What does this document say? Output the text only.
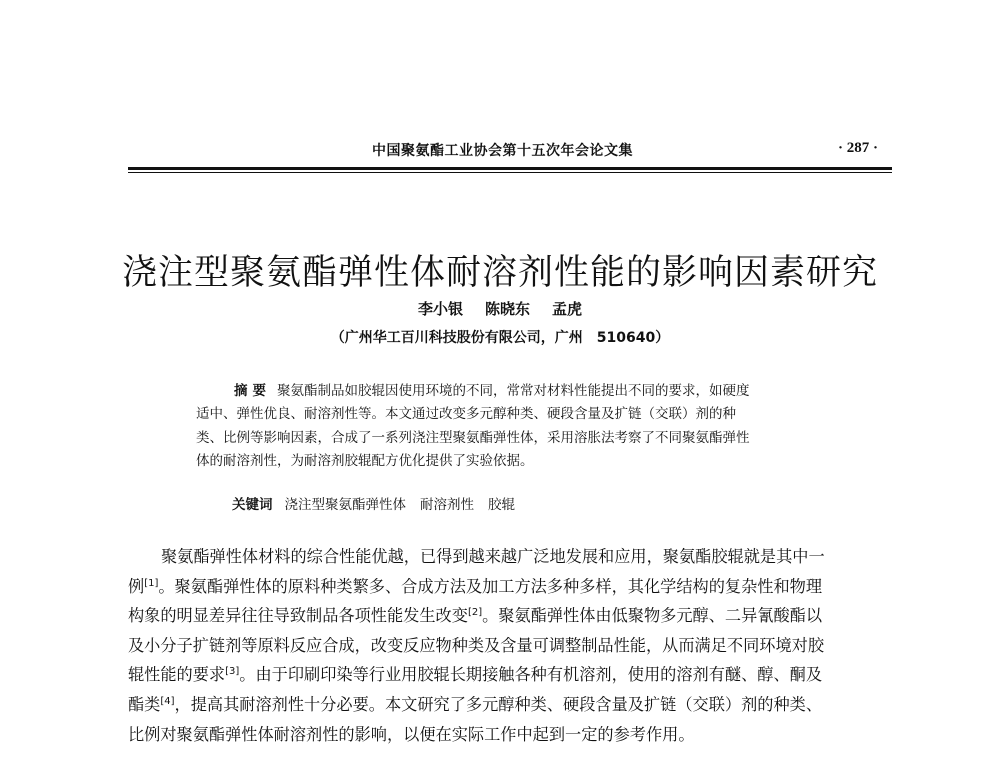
中国聚氨酯工业协会第十五次年会论文集	· 287 ·
浇注型聚氨酯弹性体耐溶剂性能的影响因素研究
李小银 陈晓东 孟虎
（广州华工百川科技股份有限公司，广州　510640）
摘要 聚氨酯制品如胶辊因使用环境的不同，常常对材料性能提出不同的要求，如硬度
适中、弹性优良、耐溶剂性等。本文通过改变多元醇种类、硬段含量及扩链（交联）剂的种
类、比例等影响因素，合成了一系列浇注型聚氨酯弹性体，采用溶胀法考察了不同聚氨酯弹性
体的耐溶剂性，为耐溶剂胶辊配方优化提供了实验依据。
关键词 浇注型聚氨酯弹性体 耐溶剂性 胶辊
聚氨酯弹性体材料的综合性能优越，已得到越来越广泛地发展和应用，聚氨酯胶辊就是其中一
例[1]。聚氨酯弹性体的原料种类繁多、合成方法及加工方法多种多样，其化学结构的复杂性和物理
构象的明显差异往往导致制品各项性能发生改变[2]。聚氨酯弹性体由低聚物多元醇、二异氰酸酯以
及小分子扩链剂等原料反应合成，改变反应物种类及含量可调整制品性能，从而满足不同环境对胶
辊性能的要求[3]。由于印刷印染等行业用胶辊长期接触各种有机溶剂，使用的溶剂有醚、醇、酮及
酯类[4]，提高其耐溶剂性十分必要。本文研究了多元醇种类、硬段含量及扩链（交联）剂的种类、
比例对聚氨酯弹性体耐溶剂性的影响，以便在实际工作中起到一定的参考作用。
